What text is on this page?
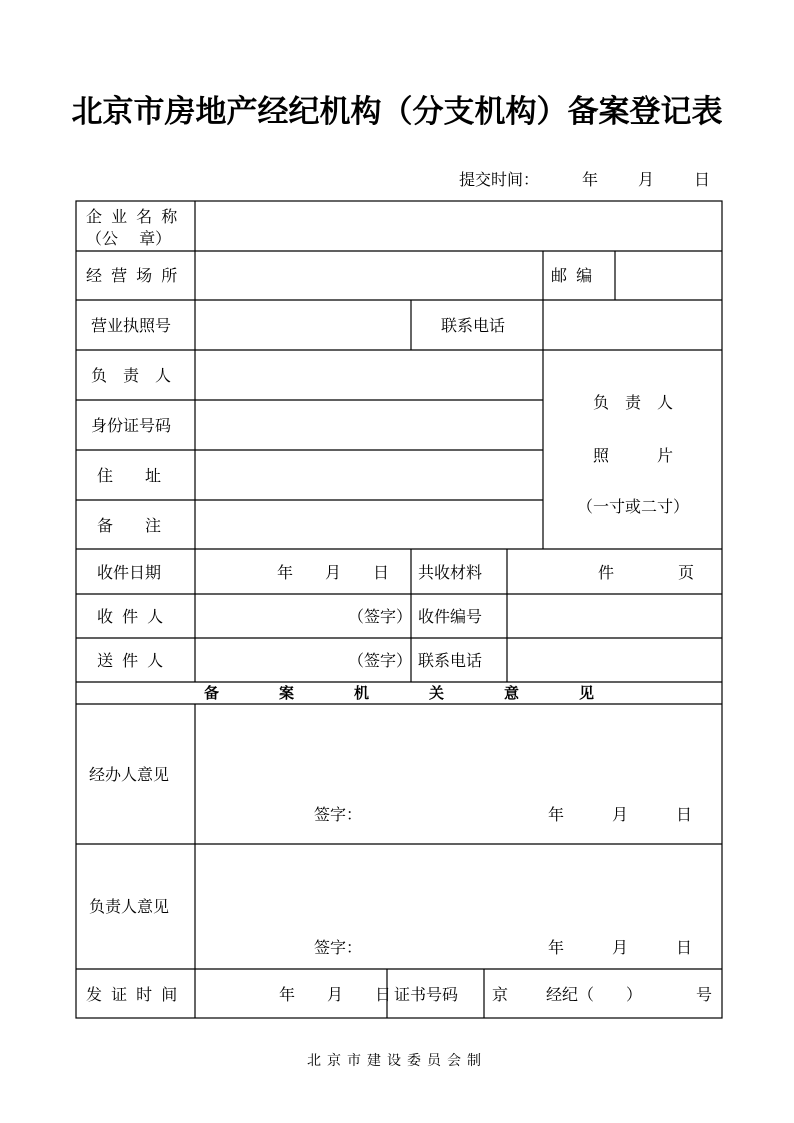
北京市房地产经纪机构（分支机构）备案登记表
提交时间：	年 月 日
企 业 名 称
（公　 章）
经 营 场 所	邮 编
营业执照号	联系电话
负　责　人
身份证号码
住　　址
备　　注
负　责　人
照　　　片
（一寸或二寸）
收件日期	年　　月　　日 共收材料	件　　　　页
收 件 人	（签字） 收件编号
送 件 人	（签字） 联系电话
备　　　　案　　　　机　　　　关　　　　意　　　　见
经办人意见
签字：	年　　　月　　　日
负责人意见
签字：	年　　　月　　　日
发 证 时 间	年　　月　　日 证书号码 京 经纪（　　）	号
北京市建设委员会制
